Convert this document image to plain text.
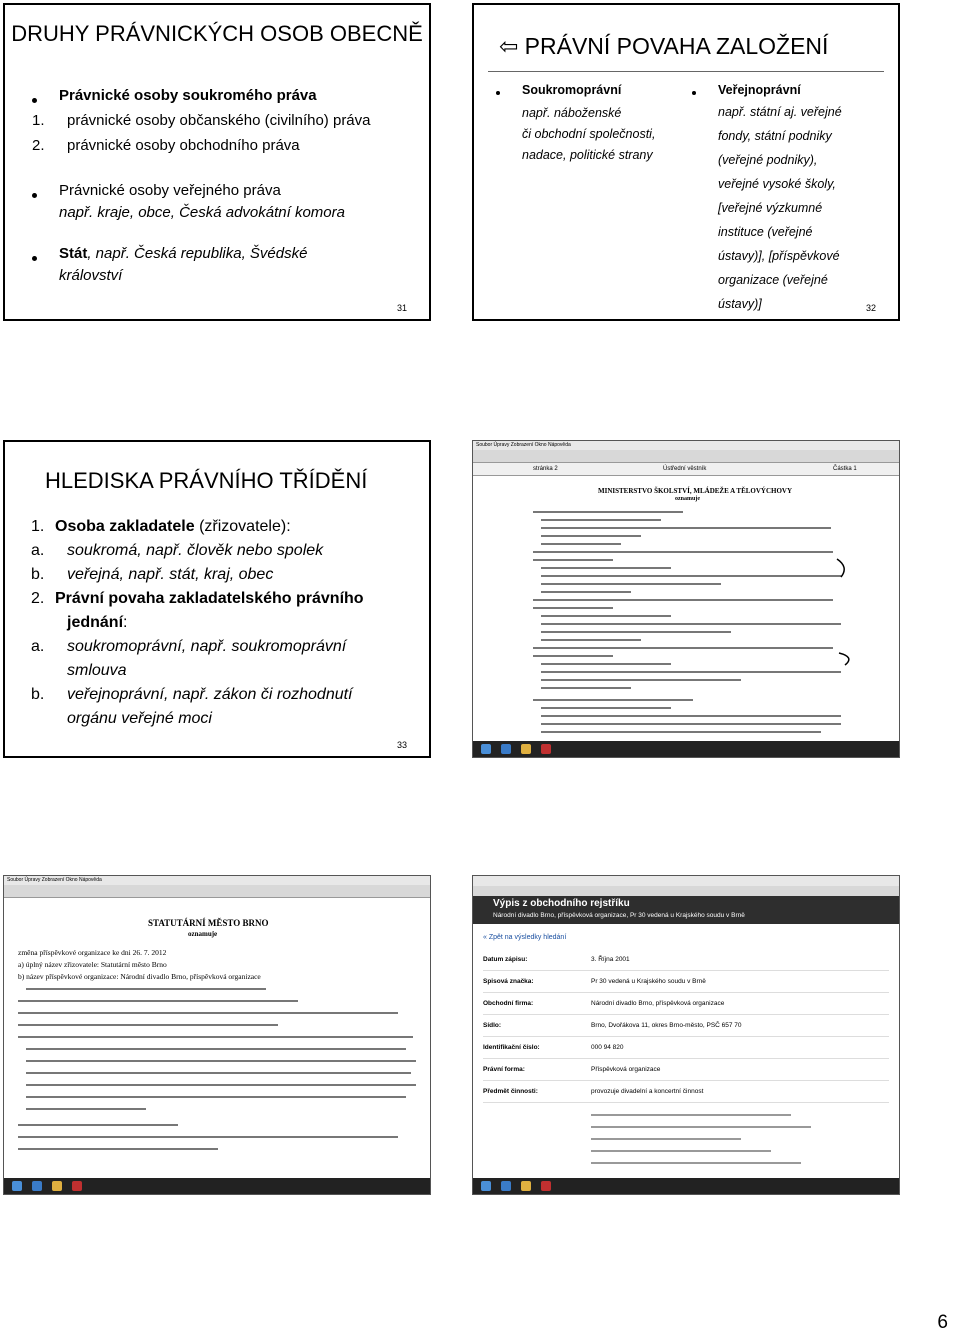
DRUHY PRÁVNICKÝCH OSOB OBECNĚ
Právnické osoby soukromého práva
1. právnické osoby občanského (civilního) práva
2. právnické osoby obchodního práva
Právnické osoby veřejného práva
např. kraje, obce, Česká advokátní komora
Stát, např. Česká republika, Švédské
království
31
⇦ PRÁVNÍ POVAHA ZALOŽENÍ
Soukromoprávní
např. náboženské
či obchodní společnosti,
nadace, politické strany
Veřejnoprávní
např. státní aj. veřejné
fondy, státní podniky
(veřejné podniky),
veřejné vysoké školy,
[veřejné výzkumné
instituce (veřejné
ústavy)], [příspěvkové
organizace (veřejné
ústavy)]	32
HLEDISKA PRÁVNÍHO TŘÍDĚNÍ
1. Osoba zakladatele (zřizovatele):
a. soukromá, např. člověk nebo spolek
b. veřejná, např. stát, kraj, obec
2. Právní povaha zakladatelského právního
jednání:
a. soukromoprávní, např. soukromoprávní
smlouva
b. veřejnoprávní, např. zákon či rozhodnutí
orgánu veřejné moci
33
Soubor Úpravy Zobrazení Okno Nápověda
stránka 2	Ústřední věstník	Částka 1
MINISTERSTVO ŠKOLSTVÍ, MLÁDEŽE A TĚLOVÝCHOVY
oznamuje
Soubor Úpravy Zobrazení Okno Nápověda
STATUTÁRNÍ MĚSTO BRNO
oznamuje
změna příspěvkové organizace ke dni 26. 7. 2012
a) úplný název zřizovatele: Statutární město Brno
b) název příspěvkové organizace: Národní divadlo Brno, příspěvková organizace
Výpis z obchodního rejstříku
Národní divadlo Brno, příspěvková organizace, Pr 30 vedená u Krajského soudu v Brně
« Zpět na výsledky hledání
Datum zápisu:	3. Října 2001
Spisová značka:	Pr 30 vedená u Krajského soudu v Brně
Obchodní firma:	Národní divadlo Brno, příspěvková organizace
Sídlo:	Brno, Dvořákova 11, okres Brno-město, PSČ 657 70
Identifikační číslo:	000 94 820
Právní forma:	Příspěvková organizace
Předmět činnosti:	provozuje divadelní a koncertní činnost
6
